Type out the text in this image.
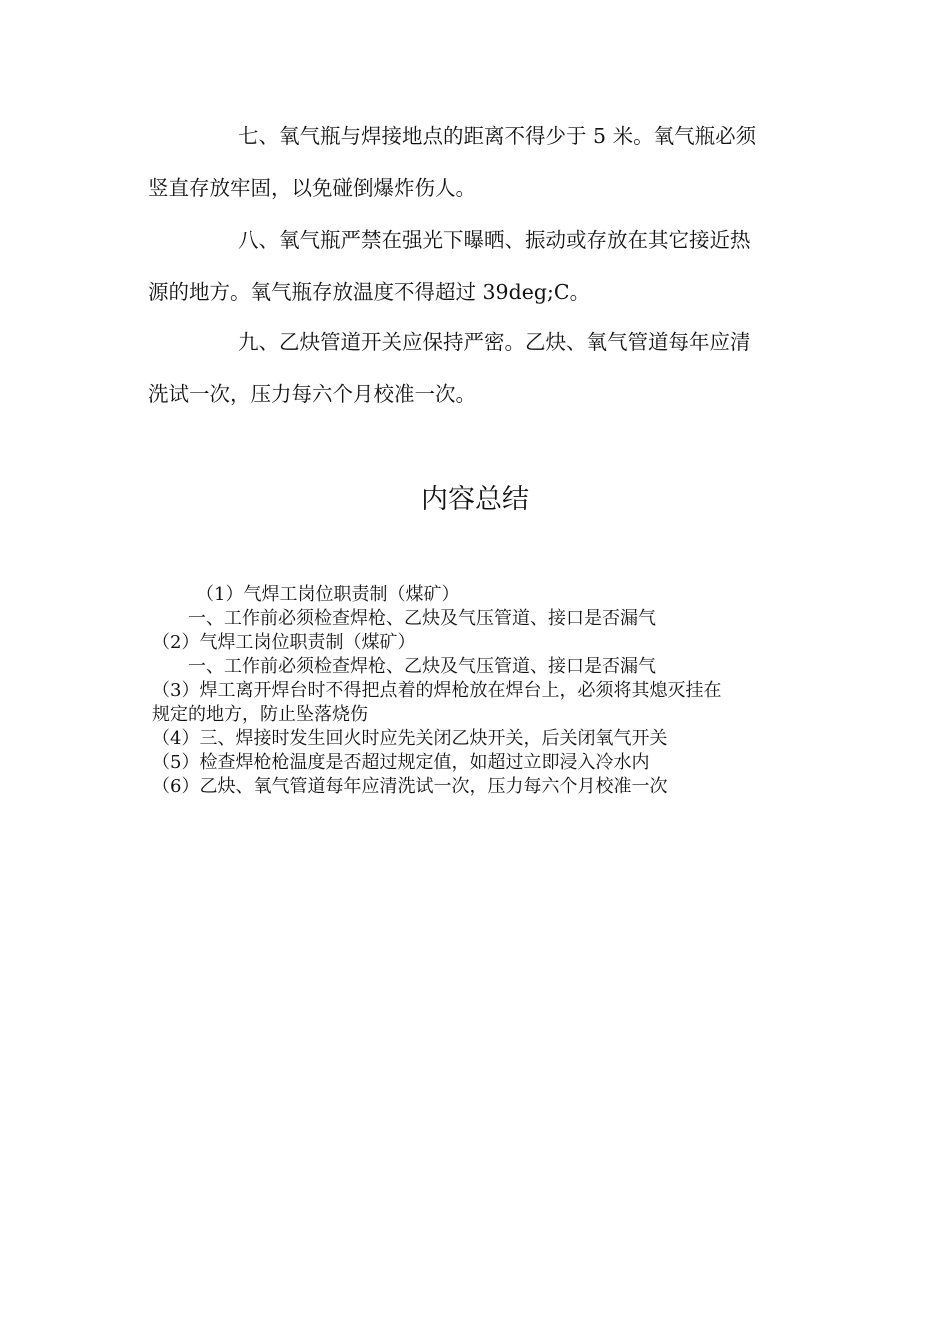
七、氧气瓶与焊接地点的距离不得少于 5 米。氧气瓶必须
竖直存放牢固，以免碰倒爆炸伤人。

八、氧气瓶严禁在强光下曝晒、振动或存放在其它接近热
源的地方。氧气瓶存放温度不得超过 39deg;C。

九、乙炔管道开关应保持严密。乙炔、氧气管道每年应清
洗试一次，压力每六个月校准一次。

内容总结
（1）气焊工岗位职责制（煤矿）
一、工作前必须检查焊枪、乙炔及气压管道、接口是否漏气
（2）气焊工岗位职责制（煤矿）
一、工作前必须检查焊枪、乙炔及气压管道、接口是否漏气
（3）焊工离开焊台时不得把点着的焊枪放在焊台上，必须将其熄灭挂在
规定的地方，防止坠落烧伤
（4）三、焊接时发生回火时应先关闭乙炔开关，后关闭氧气开关
（5）检查焊枪枪温度是否超过规定值，如超过立即浸入冷水内
（6）乙炔、氧气管道每年应清洗试一次，压力每六个月校准一次
